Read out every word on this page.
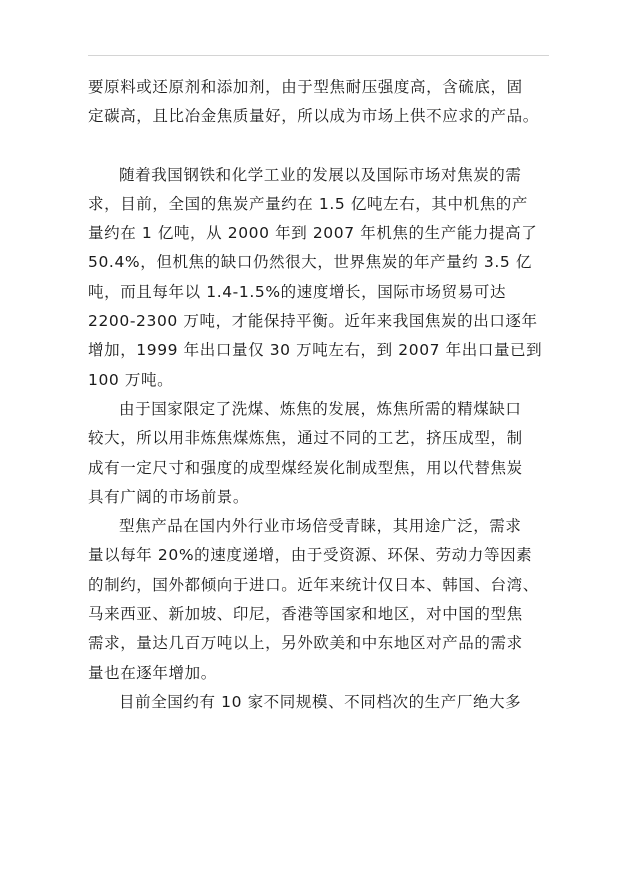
要原料或还原剂和添加剂，由于型焦耐压强度高，含硫底，固
定碳高，且比冶金焦质量好，所以成为市场上供不应求的产品。

随着我国钢铁和化学工业的发展以及国际市场对焦炭的需
求，目前，全国的焦炭产量约在 1.5 亿吨左右，其中机焦的产
量约在 1 亿吨，从 2000 年到 2007 年机焦的生产能力提高了
50.4%，但机焦的缺口仍然很大，世界焦炭的年产量约 3.5 亿
吨，而且每年以 1.4-1.5%的速度增长，国际市场贸易可达
2200-2300 万吨，才能保持平衡。近年来我国焦炭的出口逐年
增加，1999 年出口量仅 30 万吨左右，到 2007 年出口量已到
100 万吨。

由于国家限定了洗煤、炼焦的发展，炼焦所需的精煤缺口
较大，所以用非炼焦煤炼焦，通过不同的工艺，挤压成型，制
成有一定尺寸和强度的成型煤经炭化制成型焦，用以代替焦炭
具有广阔的市场前景。

型焦产品在国内外行业市场倍受青睐，其用途广泛，需求
量以每年 20%的速度递增，由于受资源、环保、劳动力等因素
的制约，国外都倾向于进口。近年来统计仅日本、韩国、台湾、
马来西亚、新加坡、印尼，香港等国家和地区，对中国的型焦
需求，量达几百万吨以上，另外欧美和中东地区对产品的需求
量也在逐年增加。

目前全国约有 10 家不同规模、不同档次的生产厂绝大多
